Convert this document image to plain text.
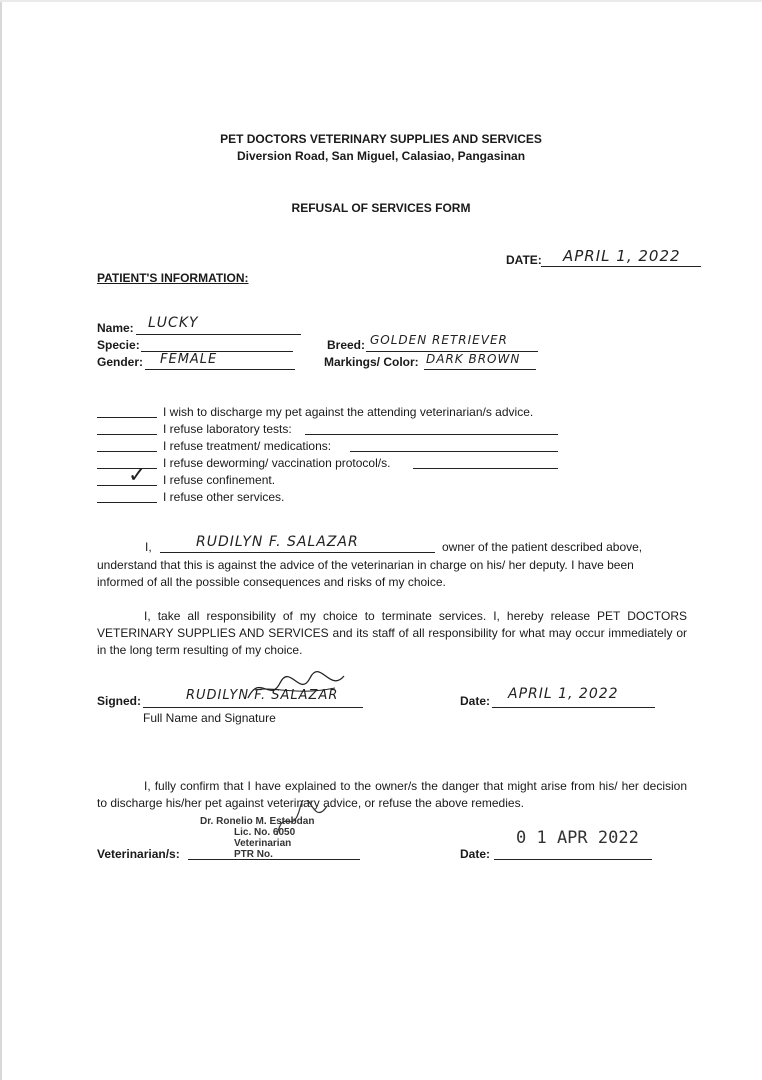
PET DOCTORS VETERINARY SUPPLIES AND SERVICES
Diversion Road, San Miguel, Calasiao, Pangasinan
REFUSAL OF SERVICES FORM
DATE: APRIL 1, 2022
PATIENT'S INFORMATION:
Name: LUCKY
Specie:
Gender: FEMALE
Breed: GOLDEN RETRIEVER
Markings/ Color: DARK BROWN
I wish to discharge my pet against the attending veterinarian/s advice.
I refuse laboratory tests:
I refuse treatment/ medications:
I refuse deworming/ vaccination protocol/s.
✓ I refuse confinement.
I refuse other services.
I,	RUDILYN F. SALAZAR	owner of the patient described above,
understand that this is against the advice of the veterinarian in charge on his/ her deputy. I have been
informed of all the possible consequences and risks of my choice.
I, take all responsibility of my choice to terminate services. I, hereby release PET DOCTORS VETERINARY SUPPLIES AND SERVICES and its staff of all responsibility for what may occur immediately or in the long term resulting of my choice.
Signed:	RUDILYN F. SALAZAR
Full Name and Signature
Date: APRIL 1, 2022
I, fully confirm that I have explained to the owner/s the danger that might arise from his/ her decision to discharge his/her pet against veterinary advice, or refuse the above remedies.
Veterinarian/s:
Dr. Ronelio M. Estebdan
Lic. No. 6050
Veterinarian
PTR No.	Date:
0 1 APR 2022
